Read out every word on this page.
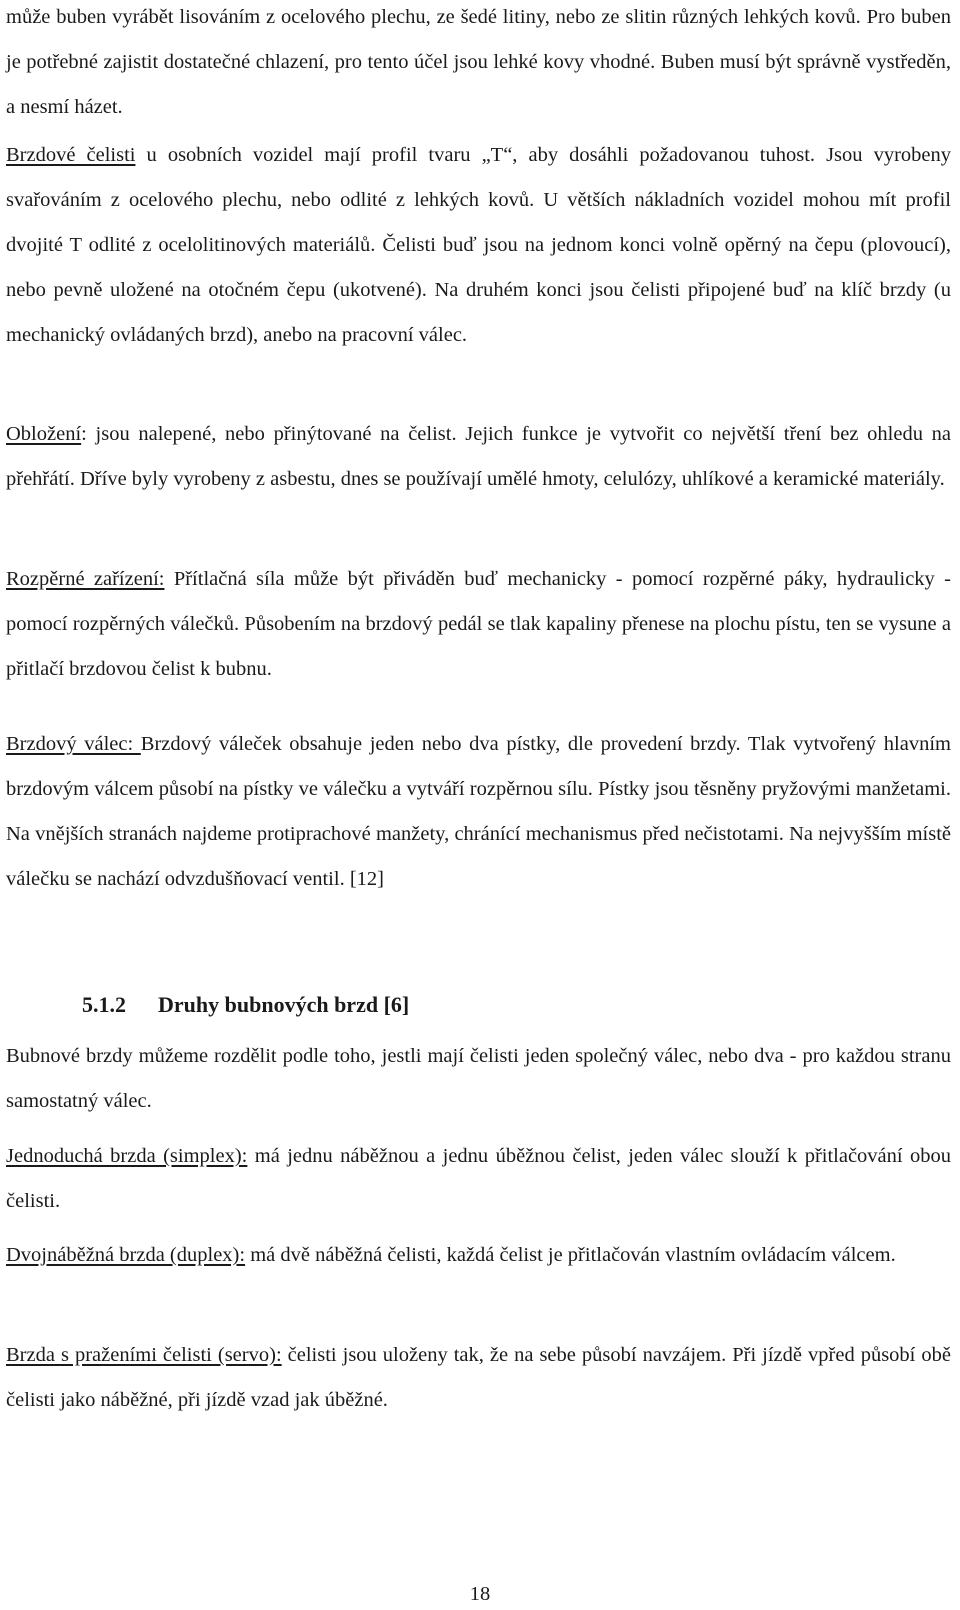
může buben vyrábět lisováním z ocelového plechu, ze šedé litiny, nebo ze slitin různých lehkých kovů. Pro buben je potřebné zajistit dostatečné chlazení, pro tento účel jsou lehké kovy vhodné. Buben musí být správně vystředěn, a nesmí házet.

Brzdové čelisti u osobních vozidel mají profil tvaru „T“, aby dosáhli požadovanou tuhost. Jsou vyrobeny svařováním z ocelového plechu, nebo odlité z lehkých kovů. U větších nákladních vozidel mohou mít profil dvojité T odlité z ocelolitinových materiálů. Čelisti buď jsou na jednom konci volně opěrný na čepu (plovoucí), nebo pevně uložené na otočném čepu (ukotvené). Na druhém konci jsou čelisti připojené buď na klíč brzdy (u mechanický ovládaných brzd), anebo na pracovní válec.

Obložení: jsou nalepené, nebo přinýtované na čelist. Jejich funkce je vytvořit co největší tření bez ohledu na přehřátí. Dříve byly vyrobeny z asbestu, dnes se používají umělé hmoty, celulózy, uhlíkové a keramické materiály.

Rozpěrné zařízení: Přítlačná síla může být přiváděn buď mechanicky - pomocí rozpěrné páky, hydraulicky - pomocí rozpěrných válečků. Působením na brzdový pedál se tlak kapaliny přenese na plochu pístu, ten se vysune a přitlačí brzdovou čelist k bubnu.

Brzdový válec: Brzdový váleček obsahuje jeden nebo dva pístky, dle provedení brzdy. Tlak vytvořený hlavním brzdovým válcem působí na pístky ve válečku a vytváří rozpěrnou sílu. Pístky jsou těsněny pryžovými manžetami. Na vnějších stranách najdeme protiprachové manžety, chránící mechanismus před nečistotami. Na nejvyšším místě válečku se nachází odvzdušňovací ventil. [12]

5.1.2 Druhy bubnových brzd [6]

Bubnové brzdy můžeme rozdělit podle toho, jestli mají čelisti jeden společný válec, nebo dva - pro každou stranu samostatný válec.

Jednoduchá brzda (simplex): má jednu náběžnou a jednu úběžnou čelist, jeden válec slouží k přitlačování obou čelisti.

Dvojnáběžná brzda (duplex): má dvě náběžná čelisti, každá čelist je přitlačován vlastním ovládacím válcem.

Brzda s praženími čelisti (servo): čelisti jsou uloženy tak, že na sebe působí navzájem. Při jízdě vpřed působí obě čelisti jako náběžné, při jízdě vzad jak úběžné.

18
